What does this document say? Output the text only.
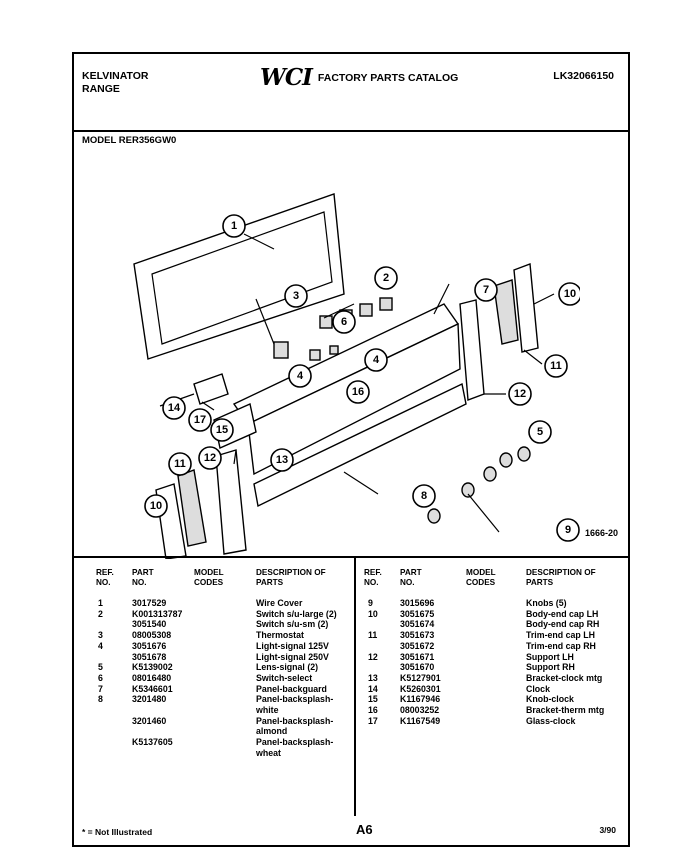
KELVINATOR
RANGE	WCI FACTORY PARTS CATALOG	LK32066150
MODEL RER356GW0
1
2
3
4
4
5
6
7
8
9
10
11
12
10
11 12	13
14
15
16
17
1666-20
REF. NO.
PART NO.
MODEL CODES
DESCRIPTION OF PARTS
REF. NO.
PART NO.
MODEL CODES
DESCRIPTION OF PARTS
1	3017529	Wire Cover
2	K001313787	Switch s/u-large (2)
3051540	Switch s/u-sm (2)
3	08005308	Thermostat
4	3051676	Light-signal 125V
3051678	Light-signal 250V
5	K5139002	Lens-signal (2)
6	08016480	Switch-select
7	K5346601	Panel-backguard
8	3201480	Panel-backsplash-
white
3201460	Panel-backsplash-
almond
K5137605	Panel-backsplash-
wheat
9	3015696	Knobs (5)
10	3051675	Body-end cap LH
3051674	Body-end cap RH
11	3051673	Trim-end cap LH
3051672	Trim-end cap RH
12	3051671	Support LH
3051670	Support RH
13	K5127901	Bracket-clock mtg
14	K5260301	Clock
15	K1167946	Knob-clock
16	08003252	Bracket-therm mtg
17	K1167549	Glass-clock
* = Not Illustrated	A6	3/90
